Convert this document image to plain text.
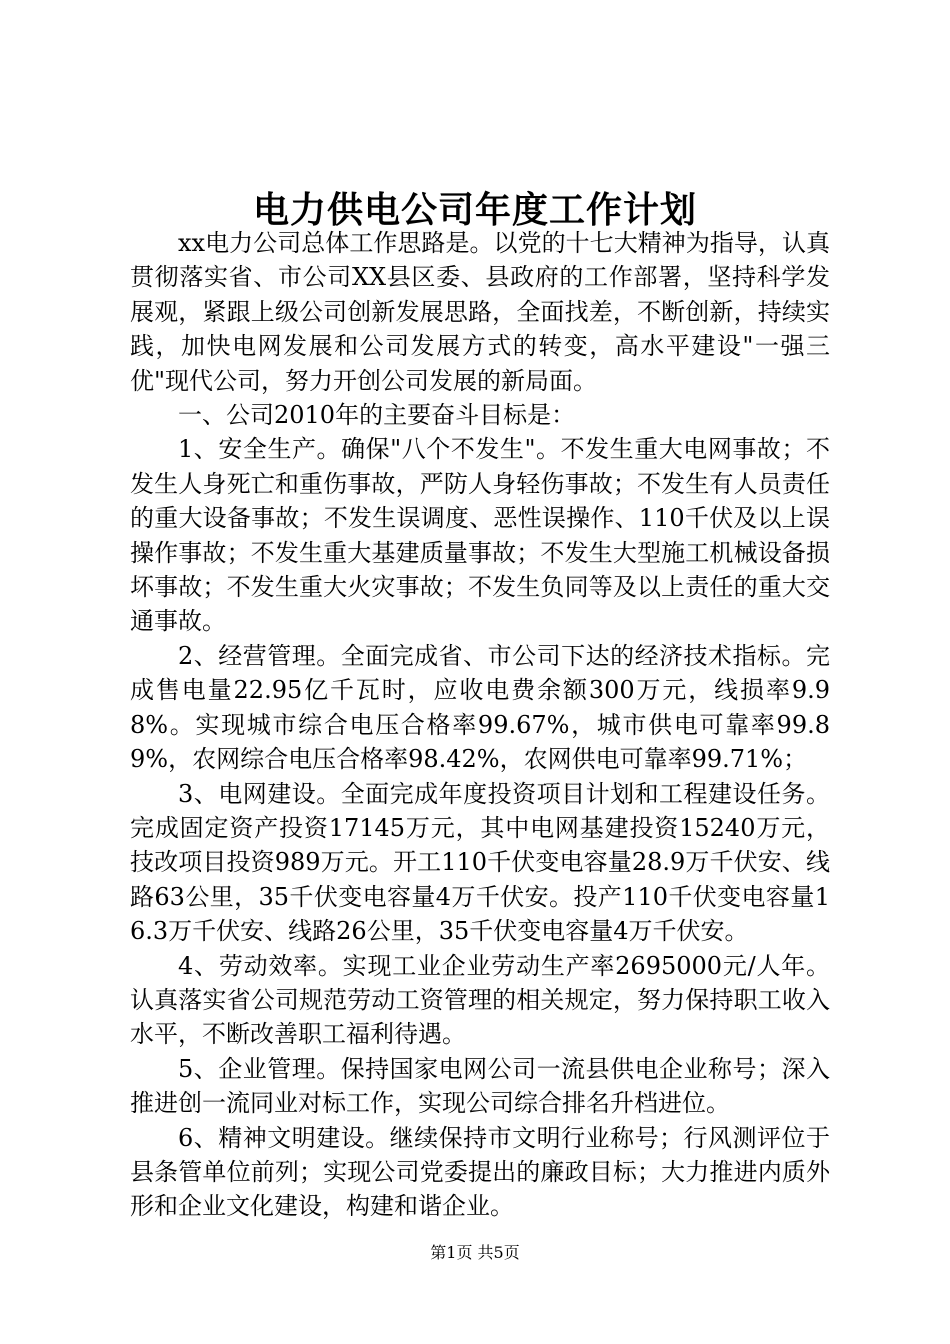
电力供电公司年度工作计划

xx电力公司总体工作思路是。以党的十七大精神为指导，认真贯彻落实省、市公司XX县区委、县政府的工作部署，坚持科学发展观，紧跟上级公司创新发展思路，全面找差，不断创新，持续实践，加快电网发展和公司发展方式的转变，高水平建设"一强三优"现代公司，努力开创公司发展的新局面。

一、公司2010年的主要奋斗目标是：

1、安全生产。确保"八个不发生"。不发生重大电网事故；不发生人身死亡和重伤事故，严防人身轻伤事故；不发生有人员责任的重大设备事故；不发生误调度、恶性误操作、110千伏及以上误操作事故；不发生重大基建质量事故；不发生大型施工机械设备损坏事故；不发生重大火灾事故；不发生负同等及以上责任的重大交通事故。

2、经营管理。全面完成省、市公司下达的经济技术指标。完成售电量22.95亿千瓦时，应收电费余额300万元，线损率9.98%。实现城市综合电压合格率99.67%，城市供电可靠率99.89%，农网综合电压合格率98.42%，农网供电可靠率99.71%；

3、电网建设。全面完成年度投资项目计划和工程建设任务。完成固定资产投资17145万元，其中电网基建投资15240万元，技改项目投资989万元。开工110千伏变电容量28.9万千伏安、线路63公里，35千伏变电容量4万千伏安。投产110千伏变电容量16.3万千伏安、线路26公里，35千伏变电容量4万千伏安。

4、劳动效率。实现工业企业劳动生产率2695000元/人年。认真落实省公司规范劳动工资管理的相关规定，努力保持职工收入水平，不断改善职工福利待遇。

5、企业管理。保持国家电网公司一流县供电企业称号；深入推进创一流同业对标工作，实现公司综合排名升档进位。

6、精神文明建设。继续保持市文明行业称号；行风测评位于县条管单位前列；实现公司党委提出的廉政目标；大力推进内质外形和企业文化建设，构建和谐企业。

第1页 共5页
